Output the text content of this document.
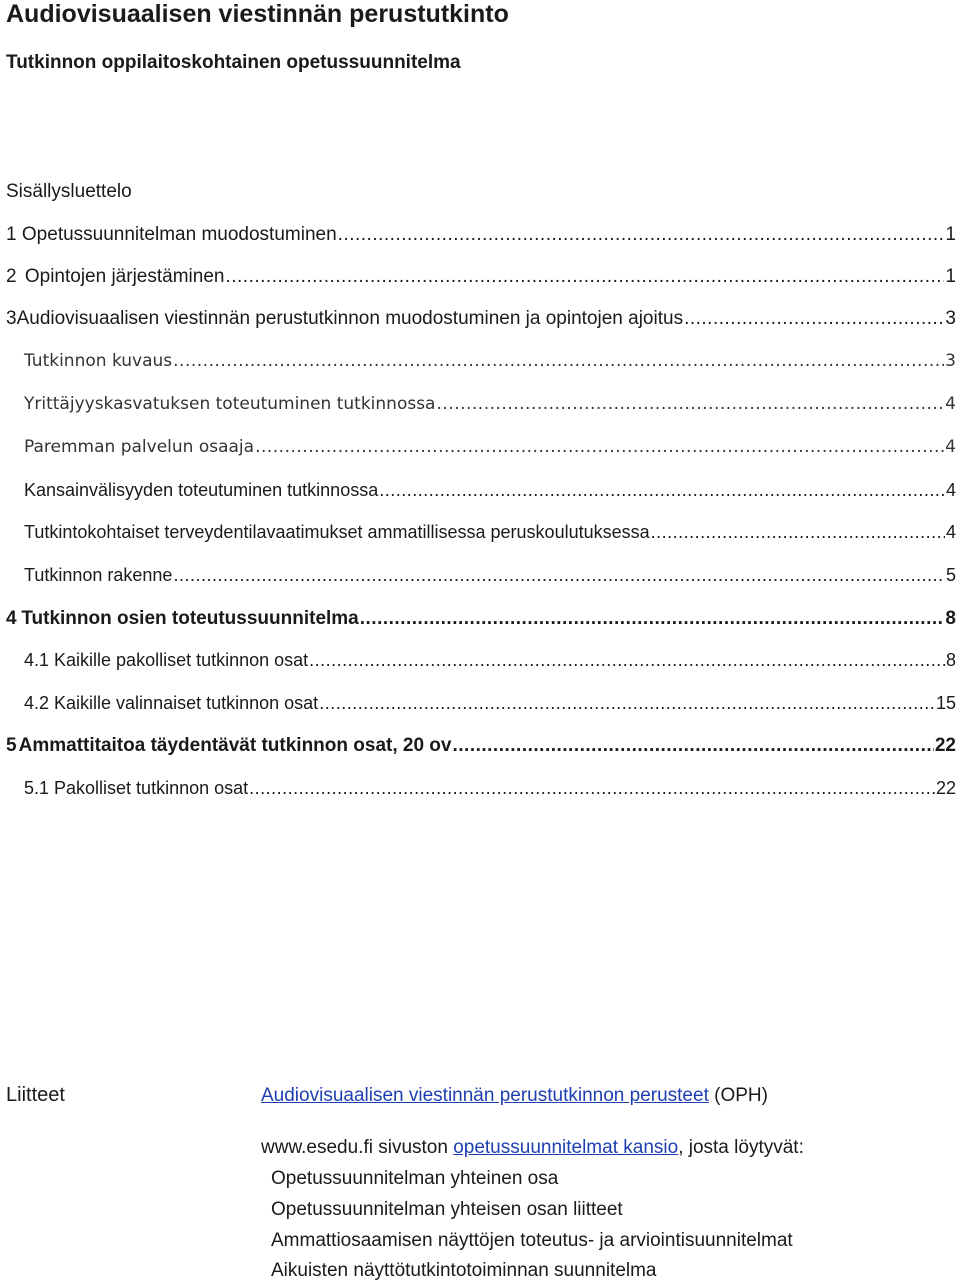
Audiovisuaalisen viestinnän perustutkinto
Tutkinnon oppilaitoskohtainen opetussuunnitelma
Sisällysluettelo
1 Opetussuunnitelman muodostuminen .....	1
2 Opintojen järjestäminen .....	1
3 Audiovisuaalisen viestinnän perustutkinnon muodostuminen ja opintojen ajoitus .....	3
Tutkinnon kuvaus .....	3
Yrittäjyyskasvatuksen toteutuminen tutkinnossa .....	4
Paremman palvelun osaaja .....	4
Kansainvälisyyden toteutuminen tutkinnossa .....	4
Tutkintokohtaiset terveydentilavaatimukset ammatillisessa peruskoulutuksessa .....	4
Tutkinnon rakenne .....	5
4 Tutkinnon osien toteutussuunnitelma .....	8
4.1 Kaikille pakolliset tutkinnon osat .....	8
4.2 Kaikille valinnaiset tutkinnon osat .....	15
5 Ammattitaitoa täydentävät tutkinnon osat, 20 ov .....	22
5.1 Pakolliset tutkinnon osat .....	22
Liitteet	Audiovisuaalisen viestinnän perustutkinnon perusteet (OPH)
www.esedu.fi sivuston opetussuunnitelmat kansio, josta löytyvät:
Opetussuunnitelman yhteinen osa
Opetussuunnitelman yhteisen osan liitteet
Ammattiosaamisen näyttöjen toteutus- ja arviointisuunnitelmat
Aikuisten näyttötutkintotoiminnan suunnitelma
